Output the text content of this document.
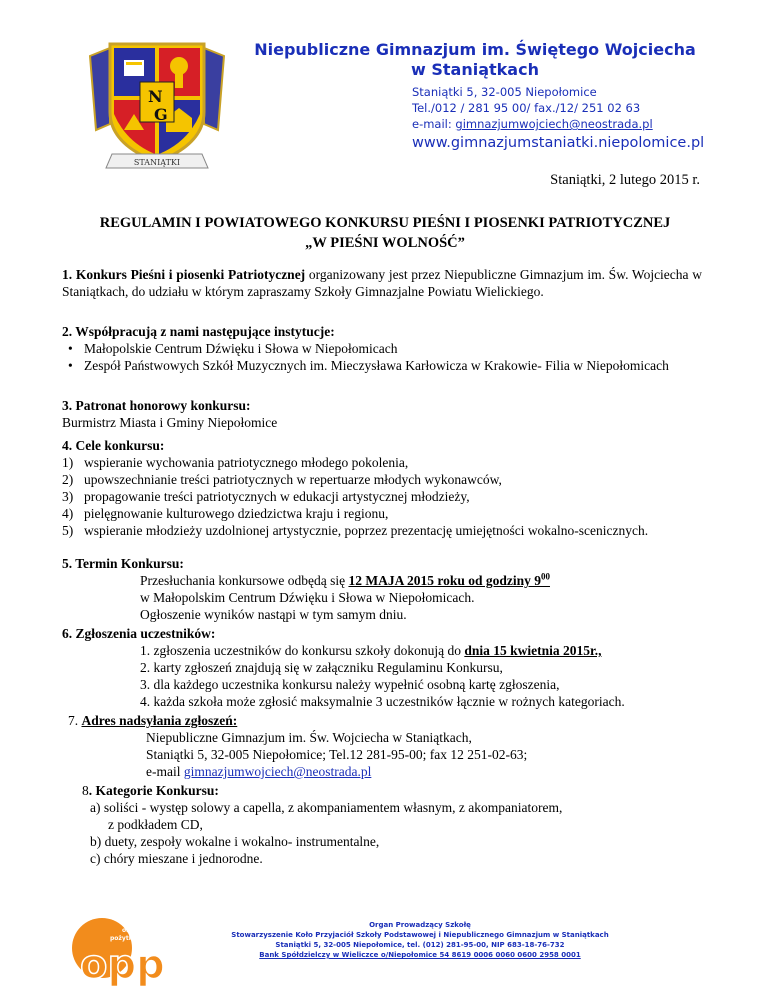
N
G
STANIĄTKI
Niepubliczne Gimnazjum im. Świętego Wojciecha
w Staniątkach
Staniątki 5, 32-005 Niepołomice
Tel./012 / 281 95 00/ fax./12/ 251 02 63
e-mail: gimnazjumwojciech@neostrada.pl
www.gimnazjumstaniatki.niepolomice.pl
Staniątki, 2 lutego 2015 r.
REGULAMIN I POWIATOWEGO KONKURSU PIEŚNI I PIOSENKI PATRIOTYCZNEJ
„W PIEŚNI WOLNOŚĆ”
1. Konkurs Pieśni i piosenki Patriotycznej organizowany jest przez Niepubliczne Gimnazjum im. Św. Wojciecha w Staniątkach, do udziału w którym zapraszamy Szkoły Gimnazjalne Powiatu Wielickiego.
2. Współpracują z nami następujące instytucje:
• Małopolskie Centrum Dźwięku i Słowa w Niepołomicach
• Zespół Państwowych Szkół Muzycznych im. Mieczysława Karłowicza w Krakowie- Filia w Niepołomicach
3. Patronat honorowy konkursu:
Burmistrz Miasta i Gminy Niepołomice
4. Cele konkursu:
1) wspieranie wychowania patriotycznego młodego pokolenia,
2) upowszechnianie treści patriotycznych w repertuarze młodych wykonawców,
3) propagowanie treści patriotycznych w edukacji artystycznej młodzieży,
4) pielęgnowanie kulturowego dziedzictwa kraju i regionu,
5) wspieranie młodzieży uzdolnionej artystycznie, poprzez prezentację umiejętności wokalno-scenicznych.
5. Termin Konkursu:
Przesłuchania konkursowe odbędą się 12 MAJA 2015 roku od godziny $9^{00}$
w Małopolskim Centrum Dźwięku i Słowa w Niepołomicach.
Ogłoszenie wyników nastąpi w tym samym dniu.
6. Zgłoszenia uczestników:
1. zgłoszenia uczestników do konkursu szkoły dokonują do dnia 15 kwietnia 2015r.,
2. karty zgłoszeń znajdują się w załączniku Regulaminu Konkursu,
3. dla każdego uczestnika konkursu należy wypełnić osobną kartę zgłoszenia,
4. każda szkoła może zgłosić maksymalnie 3 uczestników łącznie w rożnych kategoriach.
7. Adres nadsyłania zgłoszeń:
Niepubliczne Gimnazjum im. Św. Wojciecha w Staniątkach,
Staniątki 5, 32-005 Niepołomice; Tel.12 281-95-00; fax 12 251-02-63;
e-mail gimnazjumwojciech@neostrada.pl
8. Kategorie Konkursu:
a) soliści - występ solowy a capella, z akompaniamentem własnym, z akompaniatorem,
z podkładem CD,
b) duety, zespoły wokalne i wokalno- instrumentalne,
c) chóry mieszane i jednorodne.
organizacja
pożytku publicznego
opp
Organ Prowadzący Szkołę
Stowarzyszenie Koło Przyjaciół Szkoły Podstawowej i Niepublicznego Gimnazjum w Staniątkach
Staniątki 5, 32-005 Niepołomice, tel. (012) 281-95-00, NIP 683-18-76-732
Bank Spółdzielczy w Wieliczce o/Niepołomice 54 8619 0006 0060 0600 2958 0001
